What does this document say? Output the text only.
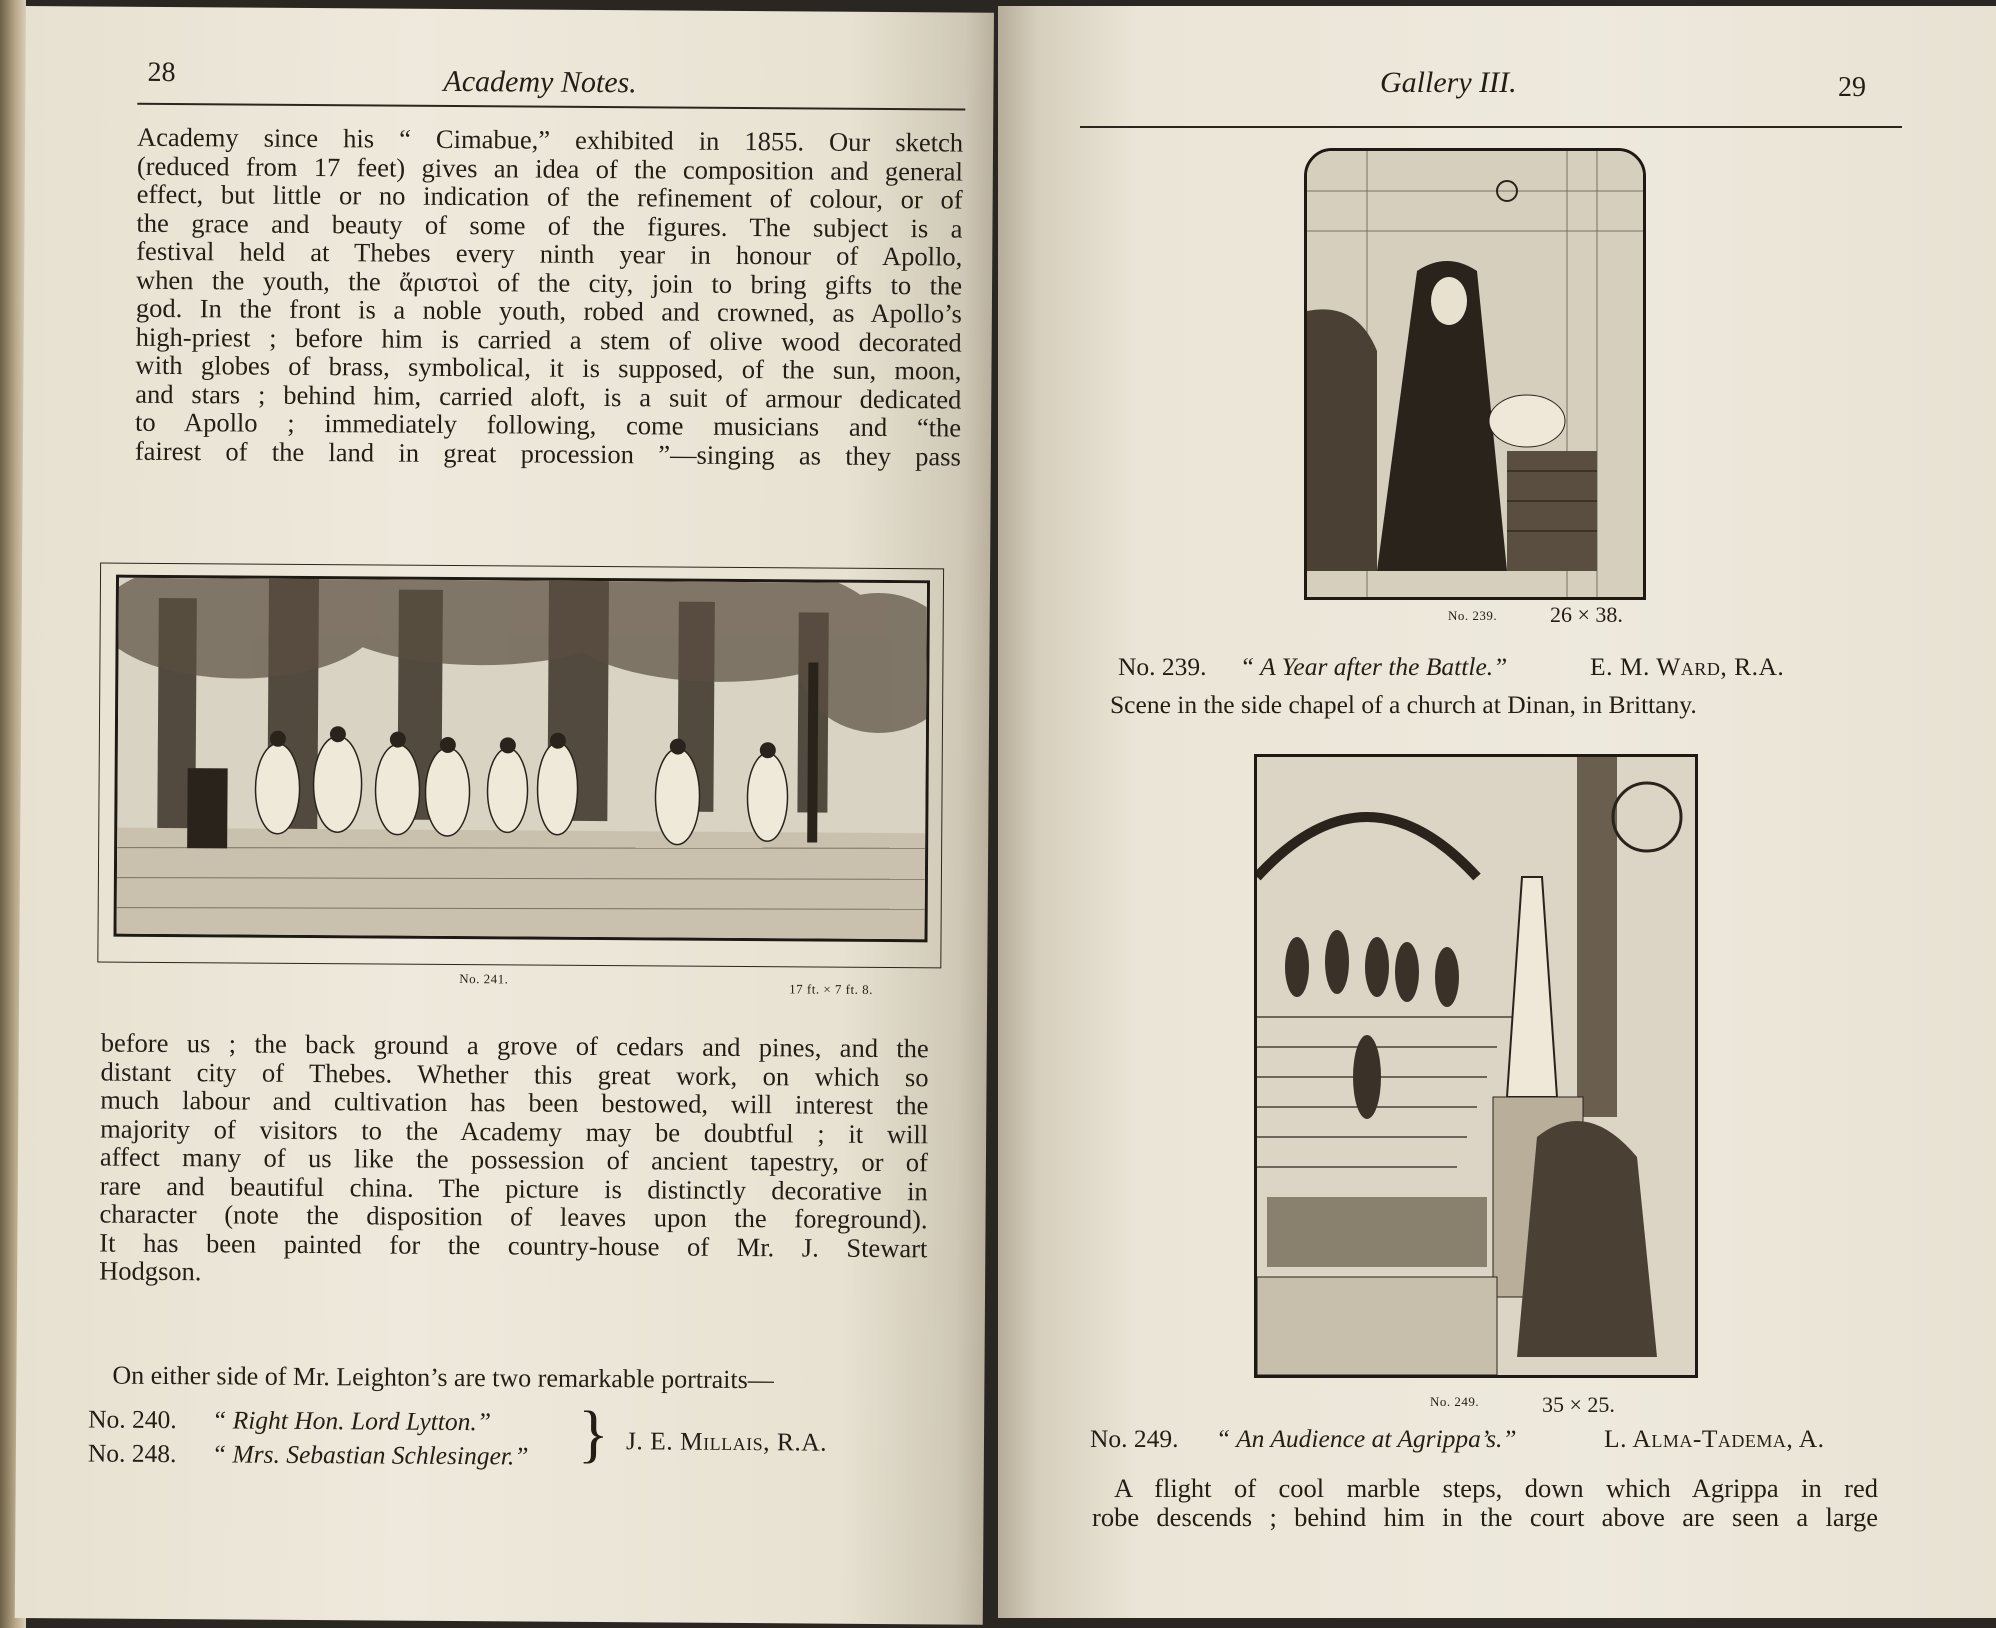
28	Academy Notes.
Academy since his “ Cimabue,” exhibited in 1855. Our sketch
(reduced from 17 feet) gives an idea of the composition and general
effect, but little or no indication of the refinement of colour, or of
the grace and beauty of some of the figures. The subject is a
festival held at Thebes every ninth year in honour of Apollo,
when the youth, the ἄριστοὶ of the city, join to bring gifts to the
god. In the front is a noble youth, robed and crowned, as Apollo’s
high-priest ; before him is carried a stem of olive wood decorated
with globes of brass, symbolical, it is supposed, of the sun, moon,
and stars ; behind him, carried aloft, is a suit of armour dedicated
to Apollo ; immediately following, come musicians and “the
fairest of the land in great procession ”—singing as they pass
No. 241.
17 ft. × 7 ft. 8.
before us ; the back ground a grove of cedars and pines, and the
distant city of Thebes. Whether this great work, on which so
much labour and cultivation has been bestowed, will interest the
majority of visitors to the Academy may be doubtful ; it will
affect many of us like the possession of ancient tapestry, or of
rare and beautiful china. The picture is distinctly decorative in
character (note the disposition of leaves upon the foreground).
It has been painted for the country-house of Mr. J. Stewart
Hodgson.
On either side of Mr. Leighton’s are two remarkable portraits—
No. 240. “ Right Hon. Lord Lytton.”
No. 248. “ Mrs. Sebastian Schlesinger.” } J. E. Millais, R.A.
Gallery III.	29
No. 239. 26 × 38.
No. 239. “ A Year after the Battle.”	E. M. Ward, R.A.
Scene in the side chapel of a church at Dinan, in Brittany.
No. 249.	35 × 25.
No. 249. “ An Audience at Agrippa’s.”	L. Alma-Tadema, A.
A flight of cool marble steps, down which Agrippa in red
robe descends ; behind him in the court above are seen a large
